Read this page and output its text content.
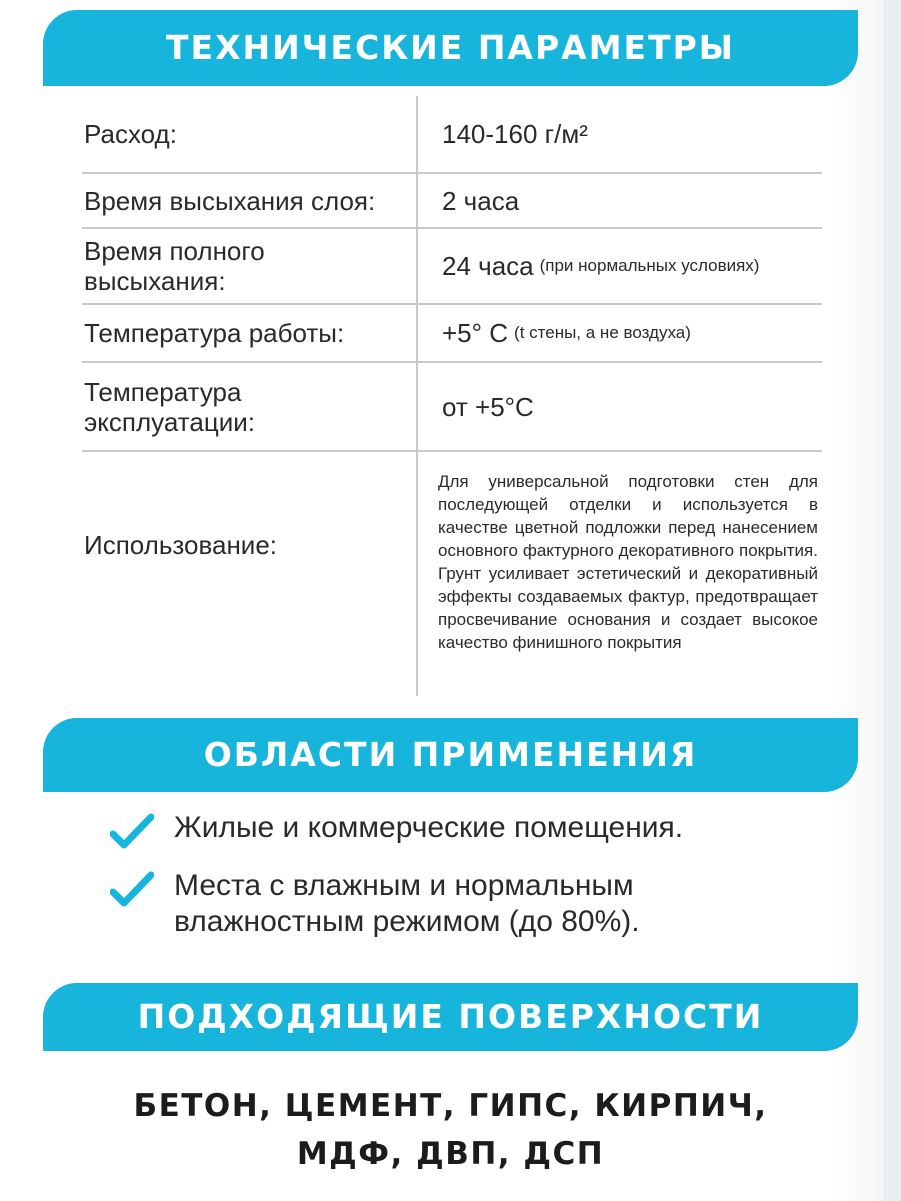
ТЕХНИЧЕСКИЕ ПАРАМЕТРЫ
Расход:	140-160 г/м²
Время высыхания слоя:	2 часа
Время полного высыхания:	24 часа (при нормальных условиях)
Температура работы:	+5° C (t стены, а не воздуха)
Температура эксплуатации:	от +5°С
Использование:
Для универсальной подготовки стен для последующей отделки и используется в качестве цветной подложки перед нанесением основного фактурного декоративного покрытия. Грунт усиливает эстетический и декоративный эффекты создаваемых фактур, предотвращает просвечивание основания и создает высокое качество финишного покрытия
ОБЛАСТИ ПРИМЕНЕНИЯ
Жилые и коммерческие помещения.
Места с влажным и нормальным влажностным режимом (до 80%).
ПОДХОДЯЩИЕ ПОВЕРХНОСТИ
БЕТОН, ЦЕМЕНТ, ГИПС, КИРПИЧ,
МДФ, ДВП, ДСП
